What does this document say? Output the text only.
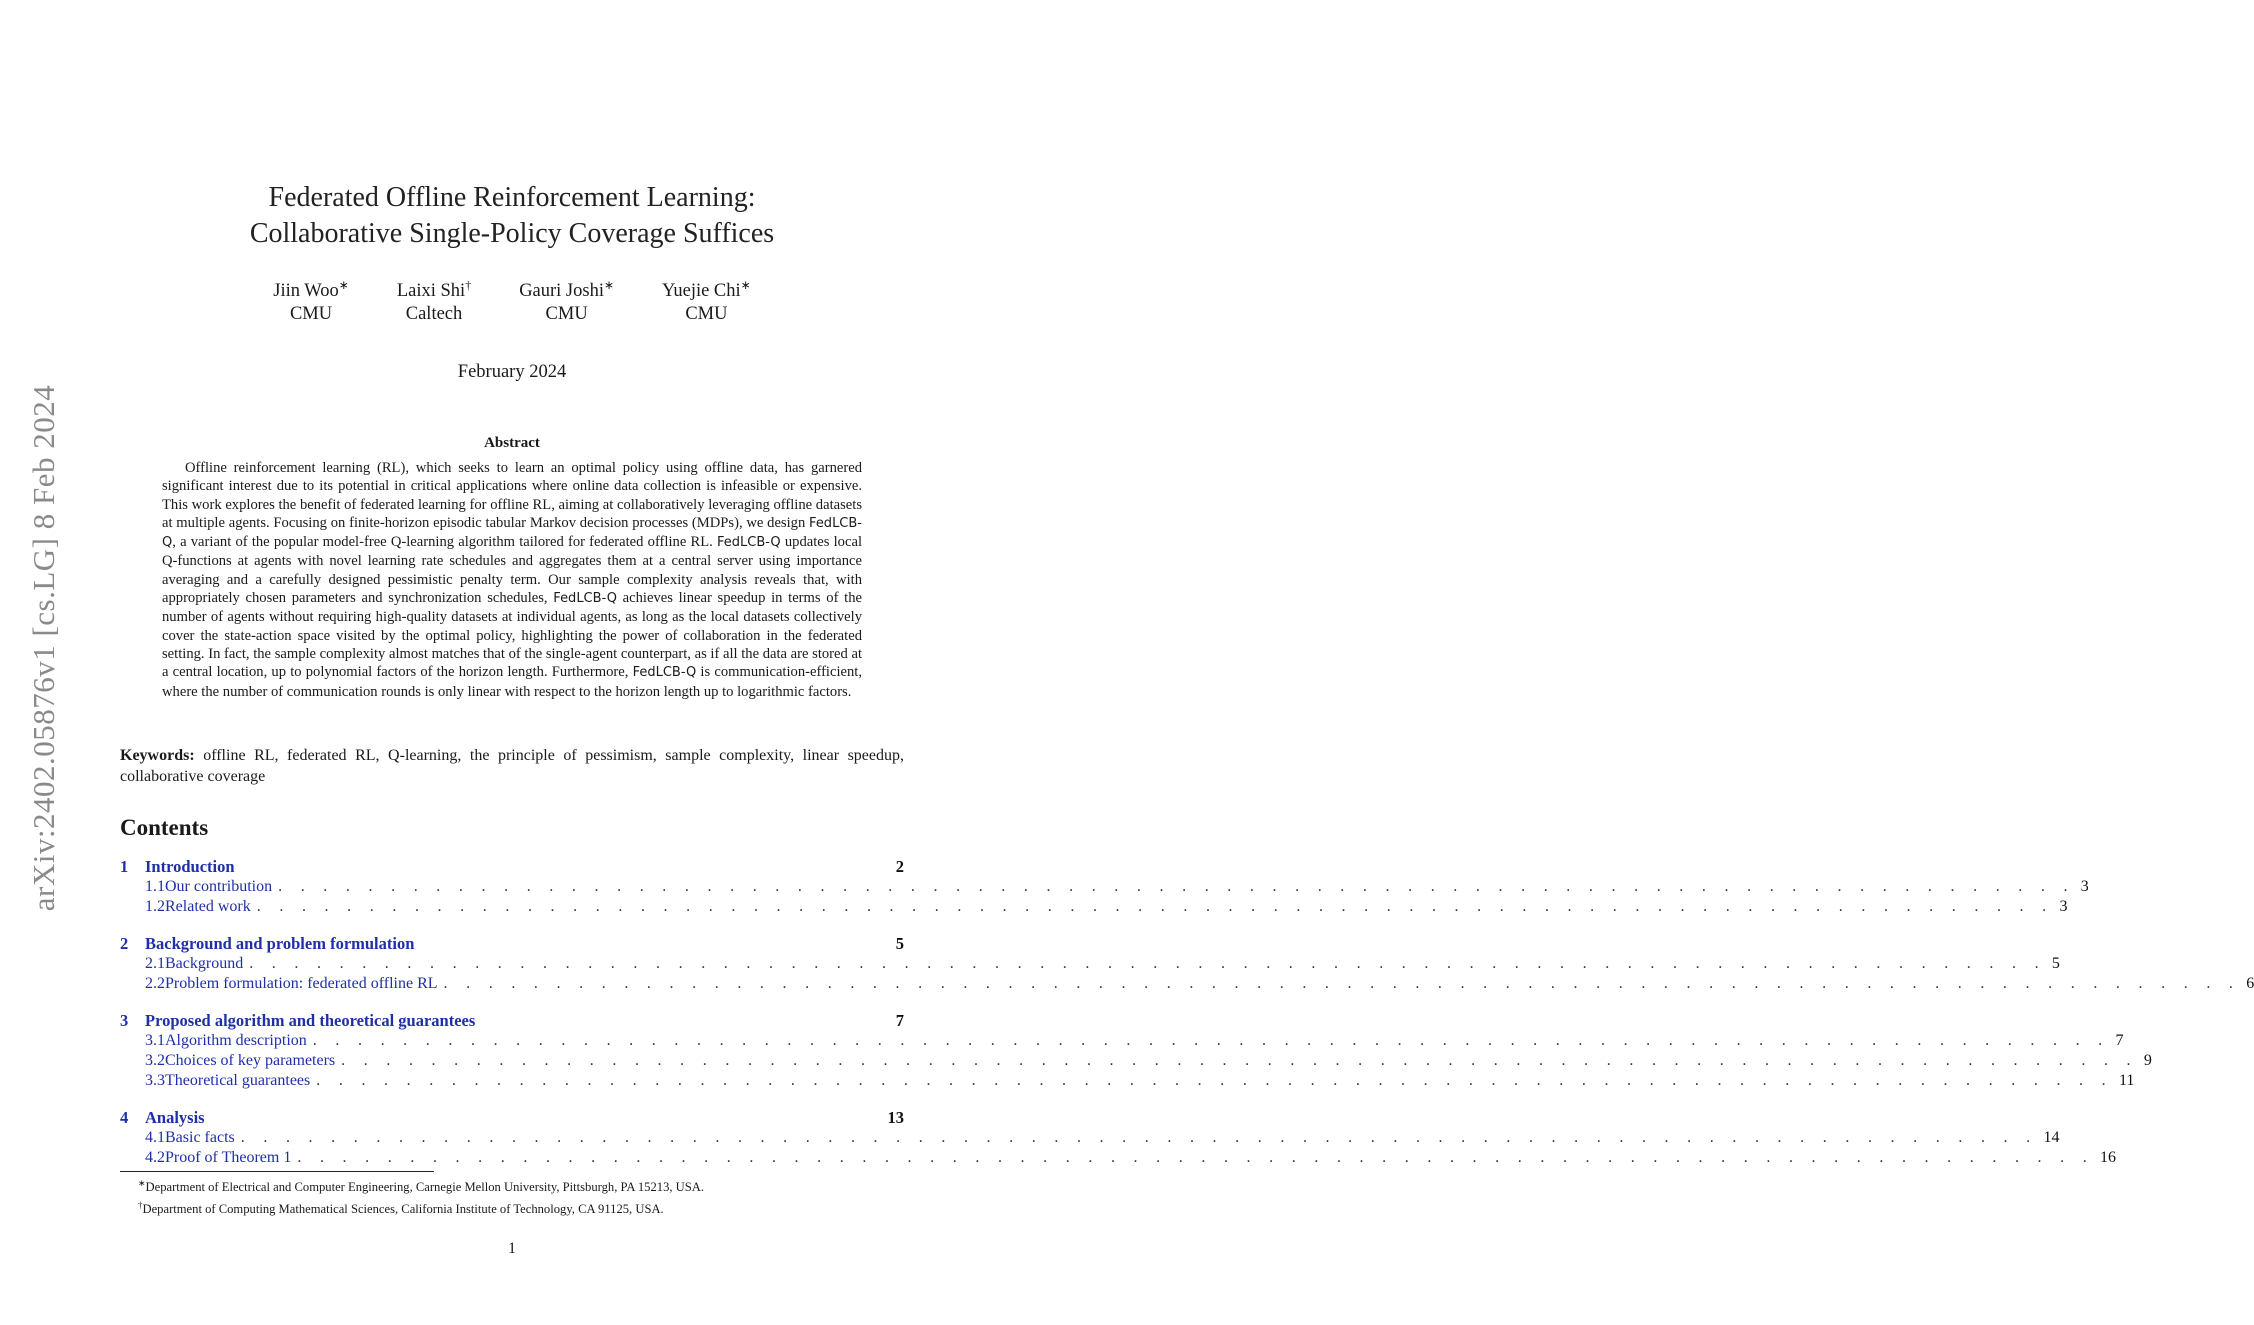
arXiv:2402.05876v1 [cs.LG] 8 Feb 2024
Federated Offline Reinforcement Learning:
Collaborative Single-Policy Coverage Suffices
Jiin Woo∗
CMU
Laixi Shi†
Caltech
Gauri Joshi∗
CMU
Yuejie Chi∗
CMU
February 2024
Abstract
Offline reinforcement learning (RL), which seeks to learn an optimal policy using offline data, has garnered significant interest due to its potential in critical applications where online data collection is infeasible or expensive. This work explores the benefit of federated learning for offline RL, aiming at collaboratively leveraging offline datasets at multiple agents. Focusing on finite-horizon episodic tabular Markov decision processes (MDPs), we design FedLCB-Q, a variant of the popular model-free Q-learning algorithm tailored for federated offline RL. FedLCB-Q updates local Q-functions at agents with novel learning rate schedules and aggregates them at a central server using importance averaging and a carefully designed pessimistic penalty term. Our sample complexity analysis reveals that, with appropriately chosen parameters and synchronization schedules, FedLCB-Q achieves linear speedup in terms of the number of agents without requiring high-quality datasets at individual agents, as long as the local datasets collectively cover the state-action space visited by the optimal policy, highlighting the power of collaboration in the federated setting. In fact, the sample complexity almost matches that of the single-agent counterpart, as if all the data are stored at a central location, up to polynomial factors of the horizon length. Furthermore, FedLCB-Q is communication-efficient, where the number of communication rounds is only linear with respect to the horizon length up to logarithmic factors.
Keywords: offline RL, federated RL, Q-learning, the principle of pessimism, sample complexity, linear speedup, collaborative coverage
Contents
1	Introduction	2
1.1 Our contribution . . . . . . . . . . . . . . . . . . . . . . . . . . . . . . . . . . . . . . . . . . . . . . . . . . . . . . . . . . . . . . . . . . . . . . . . . . . . . . . . 3
1.2 Related work . . . . . . . . . . . . . . . . . . . . . . . . . . . . . . . . . . . . . . . . . . . . . . . . . . . . . . . . . . . . . . . . . . . . . . . . . . . . . . . . 3
2	Background and problem formulation	5
2.1 Background . . . . . . . . . . . . . . . . . . . . . . . . . . . . . . . . . . . . . . . . . . . . . . . . . . . . . . . . . . . . . . . . . . . . . . . . . . . . . . . . 5
2.2 Problem formulation: federated offline RL . . . . . . . . . . . . . . . . . . . . . . . . . . . . . . . . . . . . . . . . . . . . . . . . . . . . . . . . . . . . . . . . . . . . . . . . . . . . . . . . 6
3	Proposed algorithm and theoretical guarantees	7
3.1 Algorithm description . . . . . . . . . . . . . . . . . . . . . . . . . . . . . . . . . . . . . . . . . . . . . . . . . . . . . . . . . . . . . . . . . . . . . . . . . . . . . . . . 7
3.2 Choices of key parameters . . . . . . . . . . . . . . . . . . . . . . . . . . . . . . . . . . . . . . . . . . . . . . . . . . . . . . . . . . . . . . . . . . . . . . . . . . . . . . . . 9
3.3 Theoretical guarantees . . . . . . . . . . . . . . . . . . . . . . . . . . . . . . . . . . . . . . . . . . . . . . . . . . . . . . . . . . . . . . . . . . . . . . . . . . . . . . . . 11
4	Analysis	13
4.1 Basic facts . . . . . . . . . . . . . . . . . . . . . . . . . . . . . . . . . . . . . . . . . . . . . . . . . . . . . . . . . . . . . . . . . . . . . . . . . . . . . . . . 14
4.2 Proof of Theorem 1 . . . . . . . . . . . . . . . . . . . . . . . . . . . . . . . . . . . . . . . . . . . . . . . . . . . . . . . . . . . . . . . . . . . . . . . . . . . . . . . . 16
∗Department of Electrical and Computer Engineering, Carnegie Mellon University, Pittsburgh, PA 15213, USA.
†Department of Computing Mathematical Sciences, California Institute of Technology, CA 91125, USA.
1
